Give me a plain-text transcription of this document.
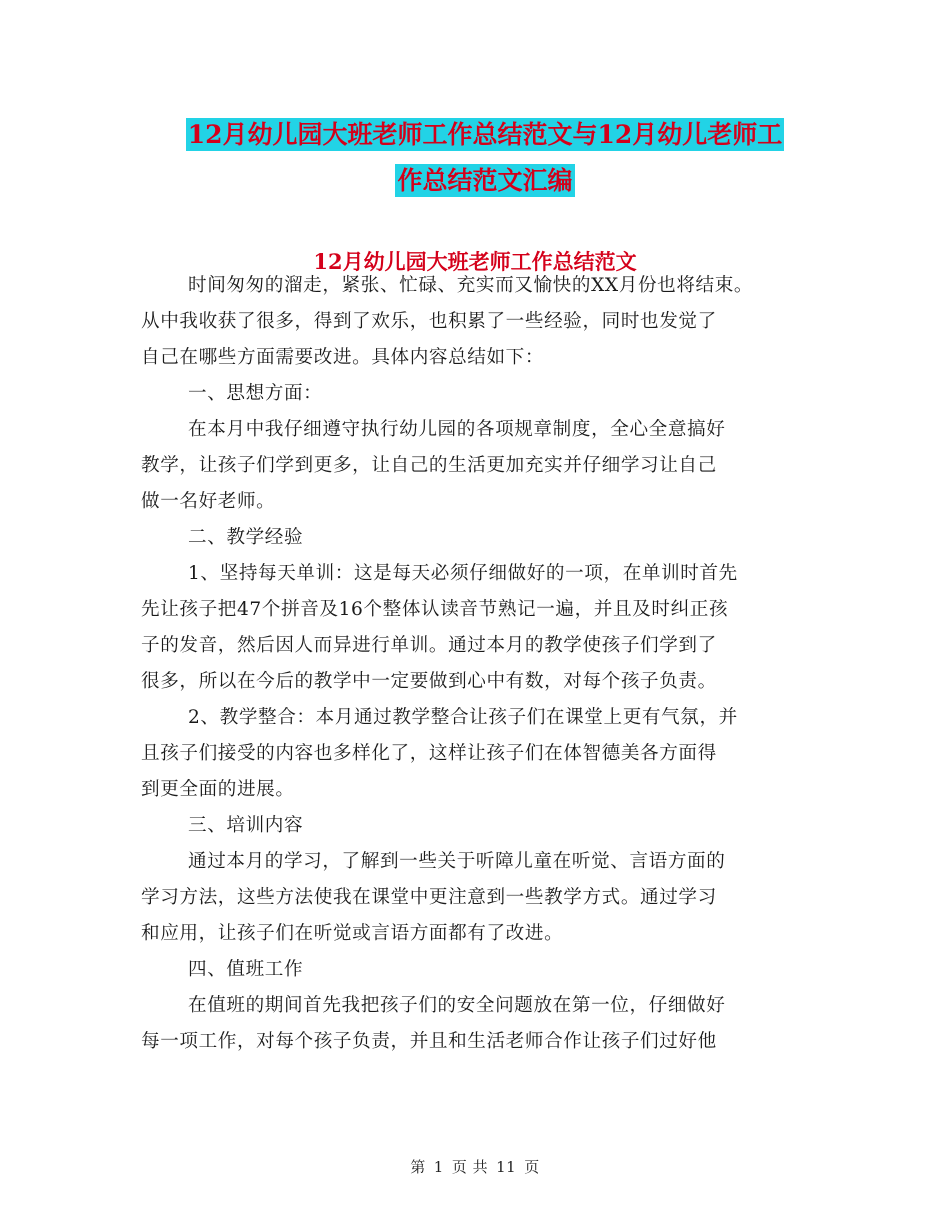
12月幼儿园大班老师工作总结范文与12月幼儿老师工
作总结范文汇编
12月幼儿园大班老师工作总结范文
时间匆匆的溜走，紧张、忙碌、充实而又愉快的XX月份也将结束。
从中我收获了很多，得到了欢乐，也积累了一些经验，同时也发觉了
自己在哪些方面需要改进。具体内容总结如下：
一、思想方面：
在本月中我仔细遵守执行幼儿园的各项规章制度，全心全意搞好
教学，让孩子们学到更多，让自己的生活更加充实并仔细学习让自己
做一名好老师。
二、教学经验
1、坚持每天单训：这是每天必须仔细做好的一项，在单训时首先
先让孩子把47个拼音及16个整体认读音节熟记一遍，并且及时纠正孩
子的发音，然后因人而异进行单训。通过本月的教学使孩子们学到了
很多，所以在今后的教学中一定要做到心中有数，对每个孩子负责。
2、教学整合：本月通过教学整合让孩子们在课堂上更有气氛，并
且孩子们接受的内容也多样化了，这样让孩子们在体智德美各方面得
到更全面的进展。
三、培训内容
通过本月的学习，了解到一些关于听障儿童在听觉、言语方面的
学习方法，这些方法使我在课堂中更注意到一些教学方式。通过学习
和应用，让孩子们在听觉或言语方面都有了改进。
四、值班工作
在值班的期间首先我把孩子们的安全问题放在第一位，仔细做好
每一项工作，对每个孩子负责，并且和生活老师合作让孩子们过好他
第 1 页 共 11 页
